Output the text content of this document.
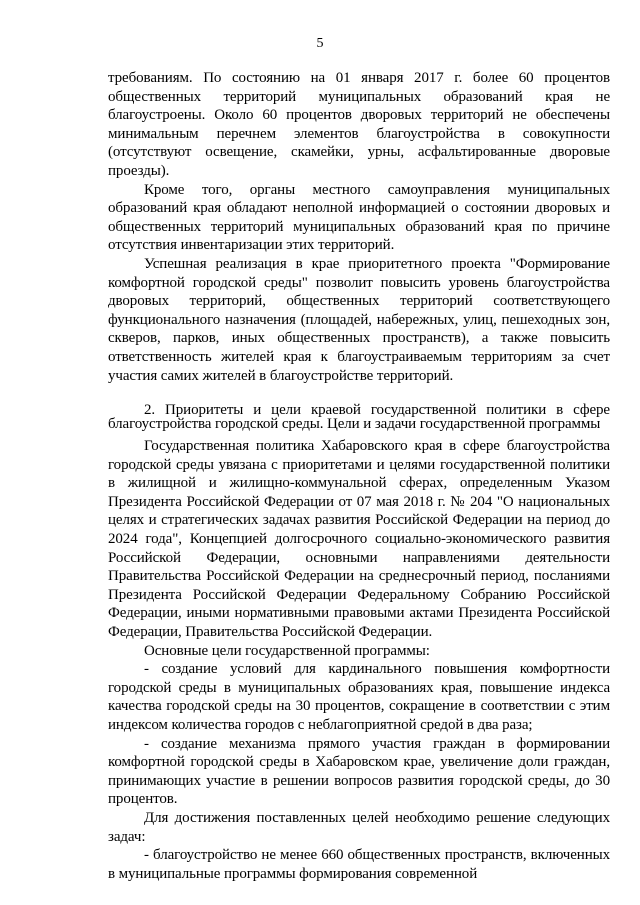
5

требованиям. По состоянию на 01 января 2017 г. более 60 процентов общественных территорий муниципальных образований края не благоустроены. Около 60 процентов дворовых территорий не обеспечены минимальным перечнем элементов благоустройства в совокупности (отсутствуют освещение, скамейки, урны, асфальтированные дворовые проезды).

Кроме того, органы местного самоуправления муниципальных образований края обладают неполной информацией о состоянии дворовых и общественных территорий муниципальных образований края по причине отсутствия инвентаризации этих территорий.

Успешная реализация в крае приоритетного проекта "Формирование комфортной городской среды" позволит повысить уровень благоустройства дворовых территорий, общественных территорий соответствующего функционального назначения (площадей, набережных, улиц, пешеходных зон, скверов, парков, иных общественных пространств), а также повысить ответственность жителей края к благоустраиваемым территориям за счет участия самих жителей в благоустройстве территорий.

2. Приоритеты и цели краевой государственной политики в сфере благоустройства городской среды. Цели и задачи государственной программы

Государственная политика Хабаровского края в сфере благоустройства городской среды увязана с приоритетами и целями государственной политики в жилищной и жилищно-коммунальной сферах, определенным Указом Президента Российской Федерации от 07 мая 2018 г. № 204 "О национальных целях и стратегических задачах развития Российской Федерации на период до 2024 года", Концепцией долгосрочного социально-экономического развития Российской Федерации, основными направлениями деятельности Правительства Российской Федерации на среднесрочный период, посланиями Президента Российской Федерации Федеральному Собранию Российской Федерации, иными нормативными правовыми актами Президента Российской Федерации, Правительства Российской Федерации.

Основные цели государственной программы:

- создание условий для кардинального повышения комфортности городской среды в муниципальных образованиях края, повышение индекса качества городской среды на 30 процентов, сокращение в соответствии с этим индексом количества городов с неблагоприятной средой в два раза;

- создание механизма прямого участия граждан в формировании комфортной городской среды в Хабаровском крае, увеличение доли граждан, принимающих участие в решении вопросов развития городской среды, до 30 процентов.

Для достижения поставленных целей необходимо решение следующих задач:

- благоустройство не менее 660 общественных пространств, включенных в муниципальные программы формирования современной
